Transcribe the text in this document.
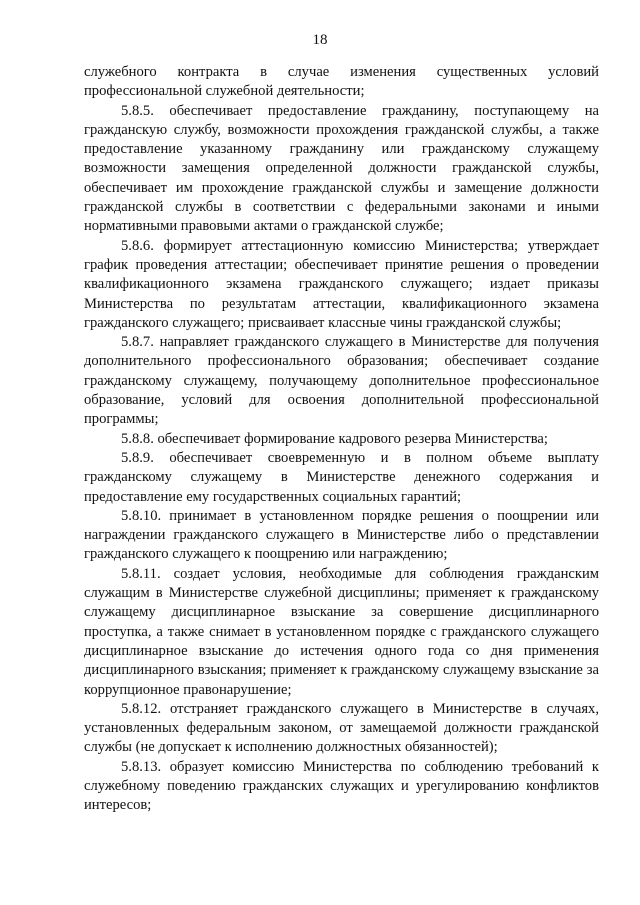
18

служебного контракта в случае изменения существенных условий профессиональной служебной деятельности;

5.8.5. обеспечивает предоставление гражданину, поступающему на гражданскую службу, возможности прохождения гражданской службы, а также предоставление указанному гражданину или гражданскому служащему возможности замещения определенной должности гражданской службы, обеспечивает им прохождение гражданской службы и замещение должности гражданской службы в соответствии с федеральными законами и иными нормативными правовыми актами о гражданской службе;

5.8.6. формирует аттестационную комиссию Министерства; утверждает график проведения аттестации; обеспечивает принятие решения о проведении квалификационного экзамена гражданского служащего; издает приказы Министерства по результатам аттестации, квалификационного экзамена гражданского служащего; присваивает классные чины гражданской службы;

5.8.7. направляет гражданского служащего в Министерстве для получения дополнительного профессионального образования; обеспечивает создание гражданскому служащему, получающему дополнительное профессиональное образование, условий для освоения дополнительной профессиональной программы;

5.8.8. обеспечивает формирование кадрового резерва Министерства;

5.8.9. обеспечивает своевременную и в полном объеме выплату гражданскому служащему в Министерстве денежного содержания и предоставление ему государственных социальных гарантий;

5.8.10. принимает в установленном порядке решения о поощрении или награждении гражданского служащего в Министерстве либо о представлении гражданского служащего к поощрению или награждению;

5.8.11. создает условия, необходимые для соблюдения гражданским служащим в Министерстве служебной дисциплины; применяет к гражданскому служащему дисциплинарное взыскание за совершение дисциплинарного проступка, а также снимает в установленном порядке с гражданского служащего дисциплинарное взыскание до истечения одного года со дня применения дисциплинарного взыскания; применяет к гражданскому служащему взыскание за коррупционное правонарушение;

5.8.12. отстраняет гражданского служащего в Министерстве в случаях, установленных федеральным законом, от замещаемой должности гражданской службы (не допускает к исполнению должностных обязанностей);

5.8.13. образует комиссию Министерства по соблюдению требований к служебному поведению гражданских служащих и урегулированию конфликтов интересов;
